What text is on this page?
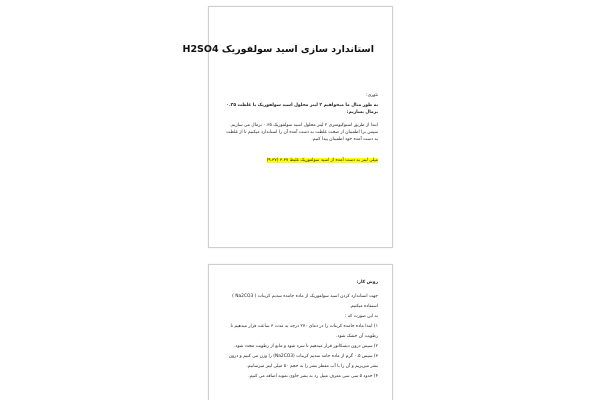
استاندارد سازی اسید سولفوریک H2SO4

تئوری:

به طور مثال ما میخواهیم ۲ لیتر محلول اسید سولفوریک با غلظت ۰.۳۵ نرمال بسازیم:

ابتدا از طریق استوکیومتری ۲ لیتر محلول اسید سولفوریک ۰.۳۵ نرمال می سازیم.

سپس برا اطمینان از صحت غلظت به دست آمده آن را استاندارد میکنیم تا از غلظت

به دست آمده خود اطمینان پیدا کنیم.

میلی لیتر به دست آمده از اسید سولفوریک غلیظ ۳.۳۷ (۹.۳۷)

روش کار:

جهت استاندارد کردن اسید سولفوریک از ماده جامده سدیم کربنات ( Na2CO3 )

استفاده میکنیم.

به این صورت که :

۱) ابتدا ماده جامده کربنات را در دمای ۲۷۰ درجه به مدت ۳ ساعت قرار میدهیم تا

رطوبت آن خشک شود.

۲) سپس درون دیسکاتور قرار میدهیم تا سرد شود و مانع از رطوبت مجدد شود.

۳) سپس ۰.۵ گرم از ماده جامد سدیم کربنات (Na2CO3) را وزن می کنیم و درون

بشر میریزیم و آن را با آب مقطر بشر را به حجم ۵۰ میلی لیتر میرسانیم.

۴) حدود ۵ سی سی معرف متیل رد به بشر حاوی نمونه اضافه می کنیم.
